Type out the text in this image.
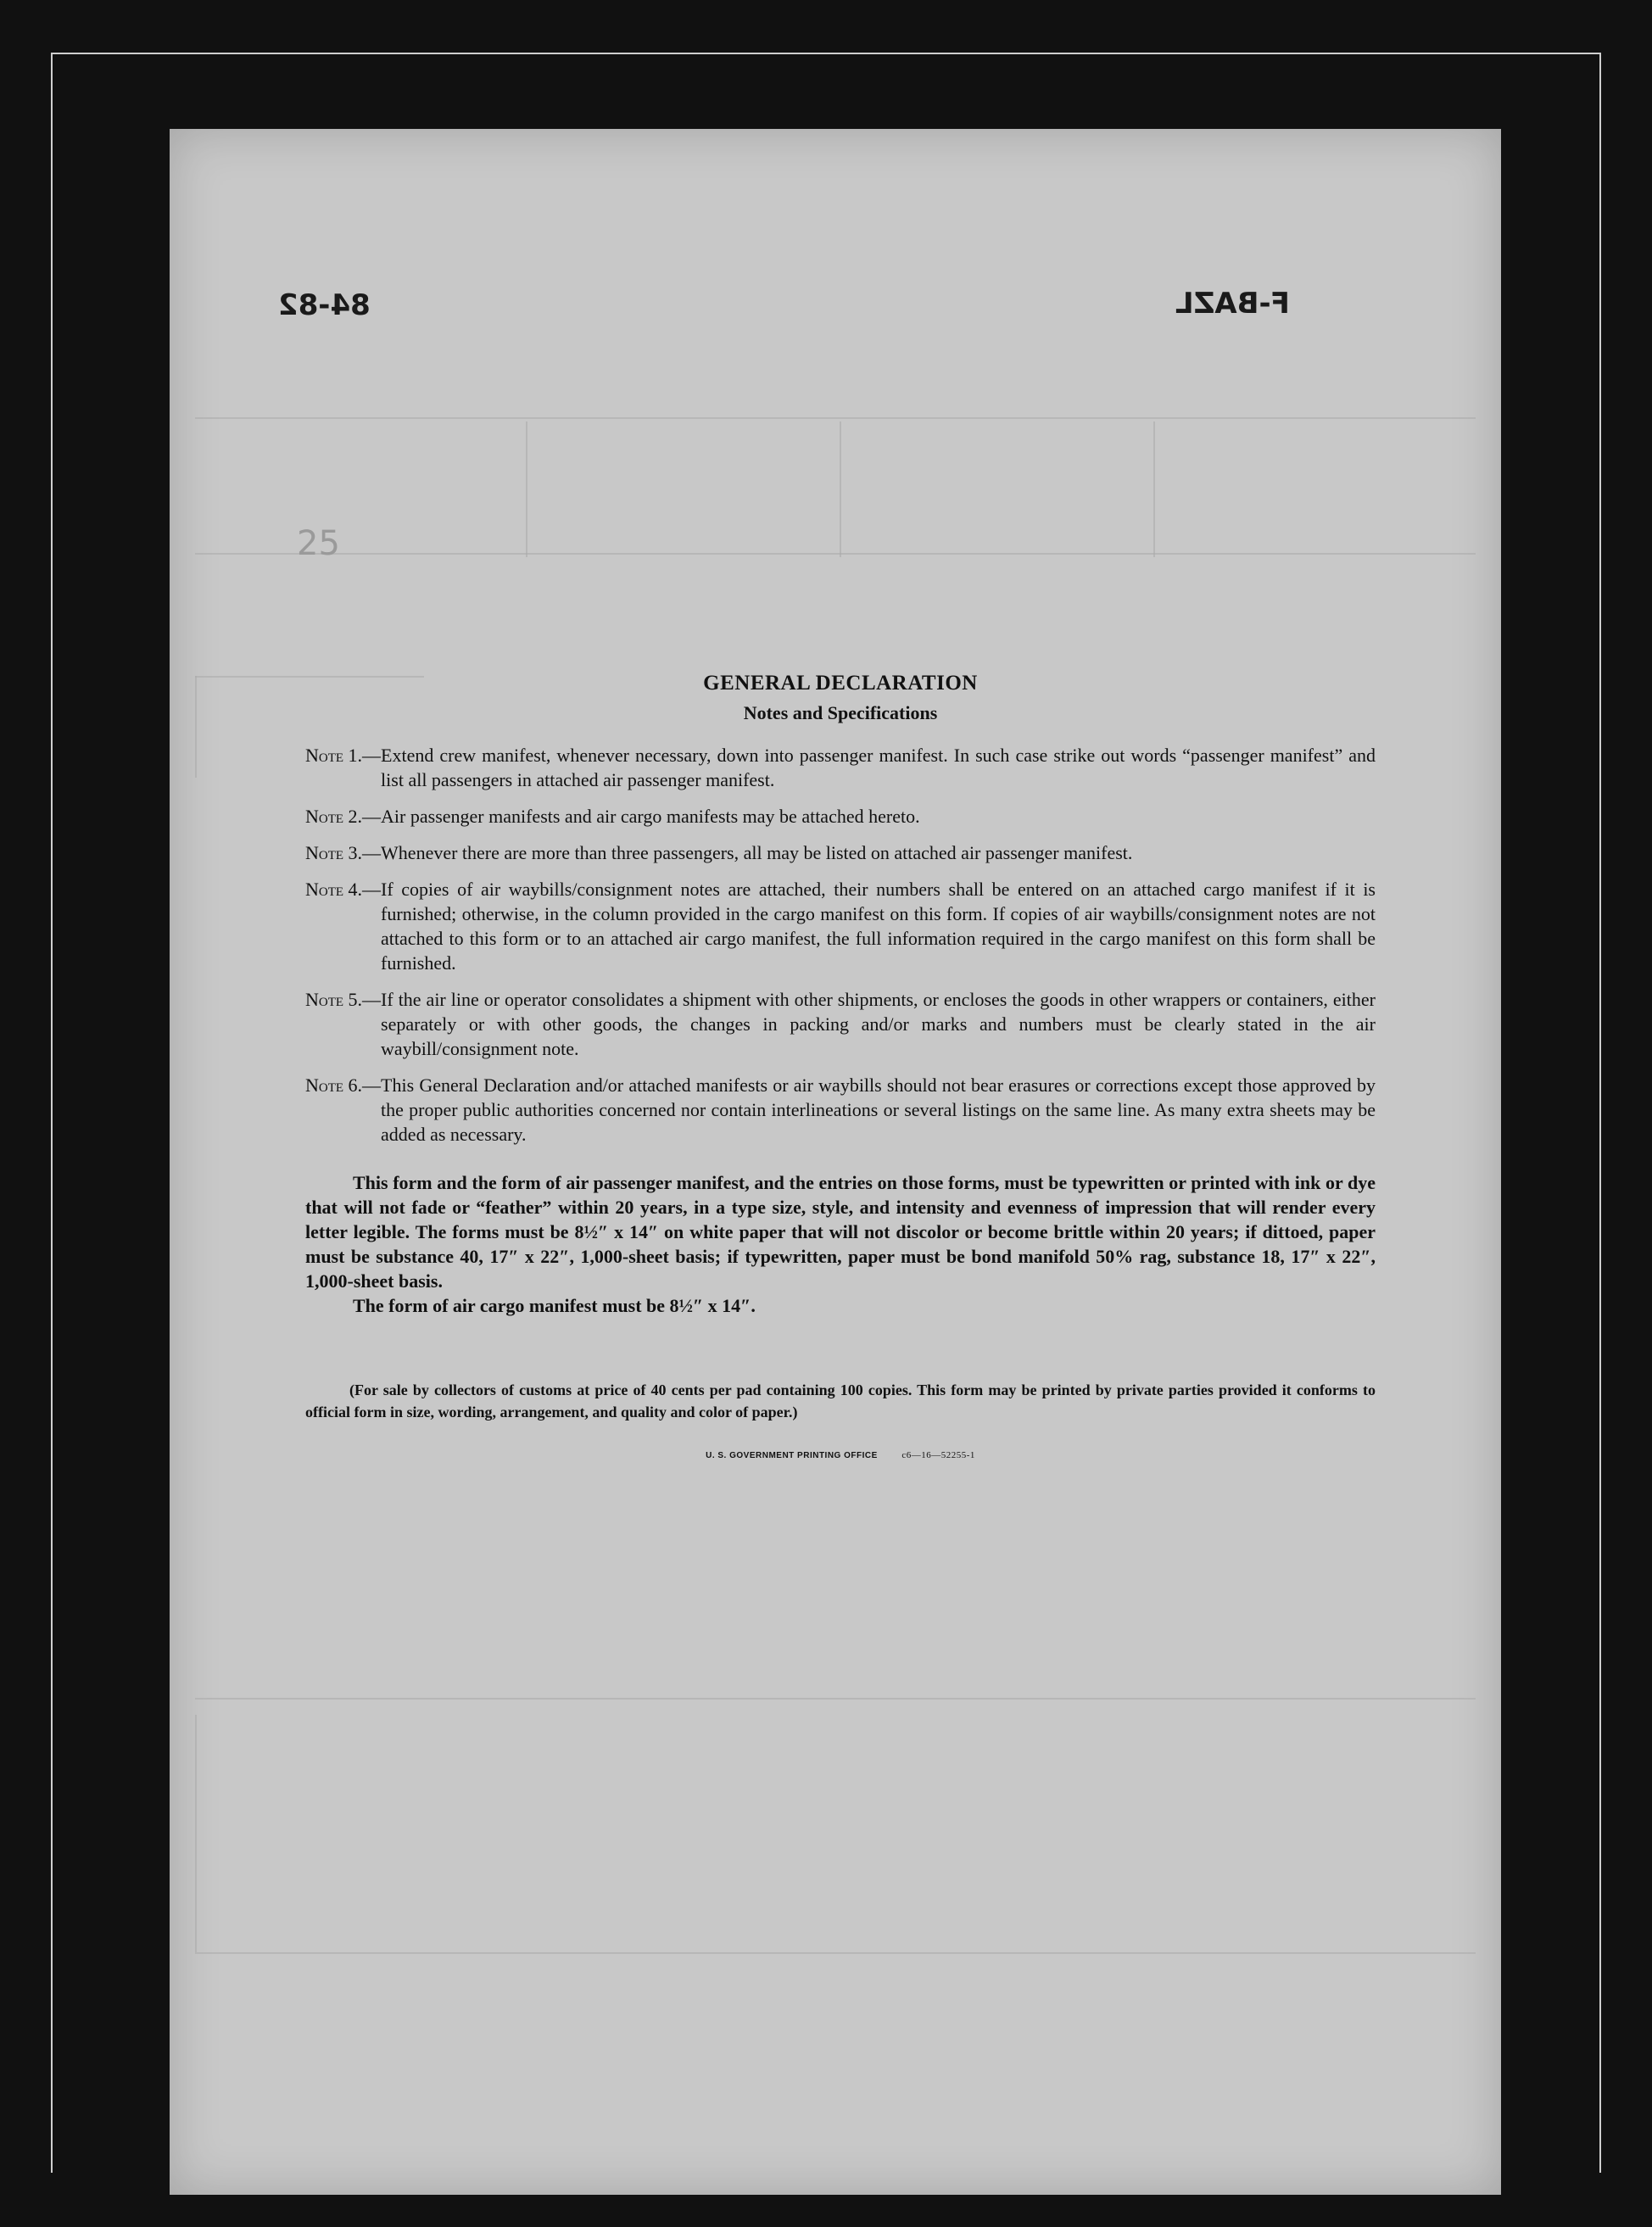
84-82	F-BAZL
25
GENERAL DECLARATION
Notes and Specifications
Note 1. — Extend crew manifest, whenever necessary, down into passenger manifest. In such case strike out words “passenger manifest” and list all passengers in attached air passenger manifest.
Note 2. — Air passenger manifests and air cargo manifests may be attached hereto.
Note 3. — Whenever there are more than three passengers, all may be listed on attached air passenger manifest.
Note 4. — If copies of air waybills/consignment notes are attached, their numbers shall be entered on an attached cargo manifest if it is furnished; otherwise, in the column provided in the cargo manifest on this form. If copies of air waybills/consignment notes are not attached to this form or to an attached air cargo manifest, the full information required in the cargo manifest on this form shall be furnished.
Note 5. — If the air line or operator consolidates a shipment with other shipments, or encloses the goods in other wrappers or containers, either separately or with other goods, the changes in packing and/or marks and numbers must be clearly stated in the air waybill/consignment note.
Note 6. — This General Declaration and/or attached manifests or air waybills should not bear erasures or corrections except those approved by the proper public authorities concerned nor contain interlineations or several listings on the same line. As many extra sheets may be added as necessary.

This form and the form of air passenger manifest, and the entries on those forms, must be typewritten or printed with ink or dye that will not fade or “feather” within 20 years, in a type size, style, and intensity and evenness of impression that will render every letter legible. The forms must be 8½″ x 14″ on white paper that will not discolor or become brittle within 20 years; if dittoed, paper must be substance 40, 17″ x 22″, 1,000-sheet basis; if typewritten, paper must be bond manifold 50% rag, substance 18, 17″ x 22″, 1,000-sheet basis.

The form of air cargo manifest must be 8½″ x 14″.

(For sale by collectors of customs at price of 40 cents per pad containing 100 copies. This form may be printed by private parties provided it conforms to official form in size, wording, arrangement, and quality and color of paper.)

U. S. GOVERNMENT PRINTING OFFICE	c6—16—52255-1
